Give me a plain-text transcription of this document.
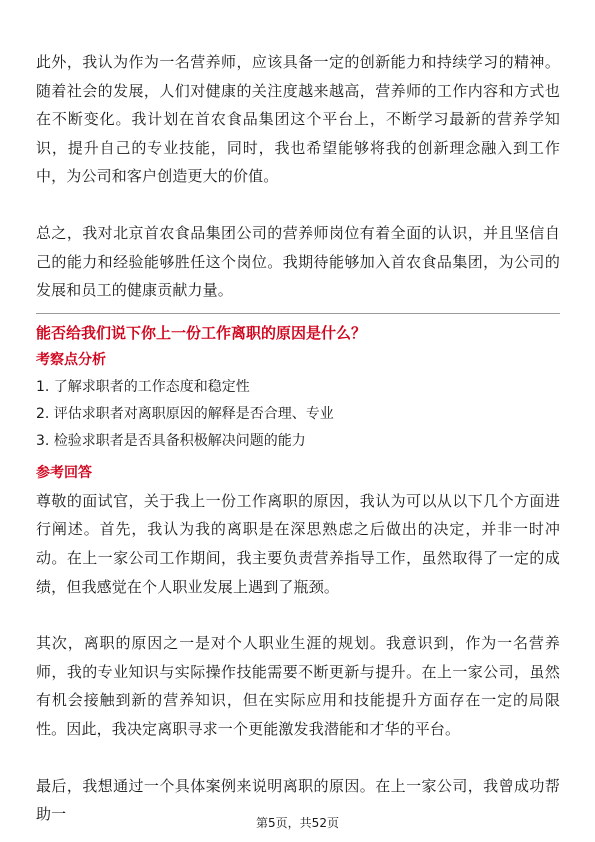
此外，我认为作为一名营养师，应该具备一定的创新能力和持续学习的精神。随着社会的发展，人们对健康的关注度越来越高，营养师的工作内容和方式也在不断变化。我计划在首农食品集团这个平台上，不断学习最新的营养学知识，提升自己的专业技能，同时，我也希望能够将我的创新理念融入到工作中，为公司和客户创造更大的价值。

总之，我对北京首农食品集团公司的营养师岗位有着全面的认识，并且坚信自己的能力和经验能够胜任这个岗位。我期待能够加入首农食品集团，为公司的发展和员工的健康贡献力量。

能否给我们说下你上一份工作离职的原因是什么？

考察点分析

1. 了解求职者的工作态度和稳定性
2. 评估求职者对离职原因的解释是否合理、专业
3. 检验求职者是否具备积极解决问题的能力

参考回答

尊敬的面试官，关于我上一份工作离职的原因，我认为可以从以下几个方面进行阐述。首先，我认为我的离职是在深思熟虑之后做出的决定，并非一时冲动。在上一家公司工作期间，我主要负责营养指导工作，虽然取得了一定的成绩，但我感觉在个人职业发展上遇到了瓶颈。

其次，离职的原因之一是对个人职业生涯的规划。我意识到，作为一名营养师，我的专业知识与实际操作技能需要不断更新与提升。在上一家公司，虽然有机会接触到新的营养知识，但在实际应用和技能提升方面存在一定的局限性。因此，我决定离职寻求一个更能激发我潜能和才华的平台。

最后，我想通过一个具体案例来说明离职的原因。在上一家公司，我曾成功帮助一	第5页，共52页
